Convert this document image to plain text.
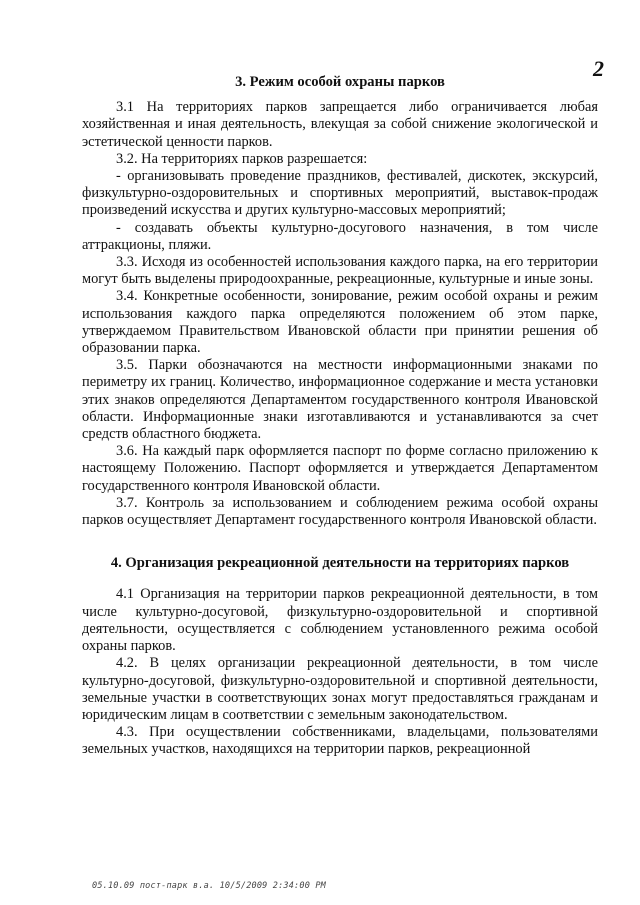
2
3. Режим особой охраны парков

3.1 На территориях парков запрещается либо ограничивается любая хозяйственная и иная деятельность, влекущая за собой снижение экологической и эстетической ценности парков.

3.2. На территориях парков разрешается:

- организовывать проведение праздников, фестивалей, дискотек, экскурсий, физкультурно-оздоровительных и спортивных мероприятий, выставок-продаж произведений искусства и других культурно-массовых мероприятий;

- создавать объекты культурно-досугового назначения, в том числе аттракционы, пляжи.

3.3. Исходя из особенностей использования каждого парка, на его территории могут быть выделены природоохранные, рекреационные, культурные и иные зоны.

3.4. Конкретные особенности, зонирование, режим особой охраны и режим использования каждого парка определяются положением об этом парке, утверждаемом Правительством Ивановской области при принятии решения об образовании парка.

3.5. Парки обозначаются на местности информационными знаками по периметру их границ. Количество, информационное содержание и места установки этих знаков определяются Департаментом государственного контроля Ивановской области. Информационные знаки изготавливаются и устанавливаются за счет средств областного бюджета.

3.6. На каждый парк оформляется паспорт по форме согласно приложению к настоящему Положению. Паспорт оформляется и утверждается Департаментом государственного контроля Ивановской области.

3.7. Контроль за использованием и соблюдением режима особой охраны парков осуществляет Департамент государственного контроля Ивановской области.

4. Организация рекреационной деятельности на территориях парков

4.1 Организация на территории парков рекреационной деятельности, в том числе культурно-досуговой, физкультурно-оздоровительной и спортивной деятельности, осуществляется с соблюдением установленного режима особой охраны парков.

4.2. В целях организации рекреационной деятельности, в том числе культурно-досуговой, физкультурно-оздоровительной и спортивной деятельности, земельные участки в соответствующих зонах могут предоставляться гражданам и юридическим лицам в соответствии с земельным законодательством.

4.3. При осуществлении собственниками, владельцами, пользователями земельных участков, находящихся на территории парков, рекреационной

05.10.09 пост-парк в.а. 10/5/2009 2:34:00 PM
